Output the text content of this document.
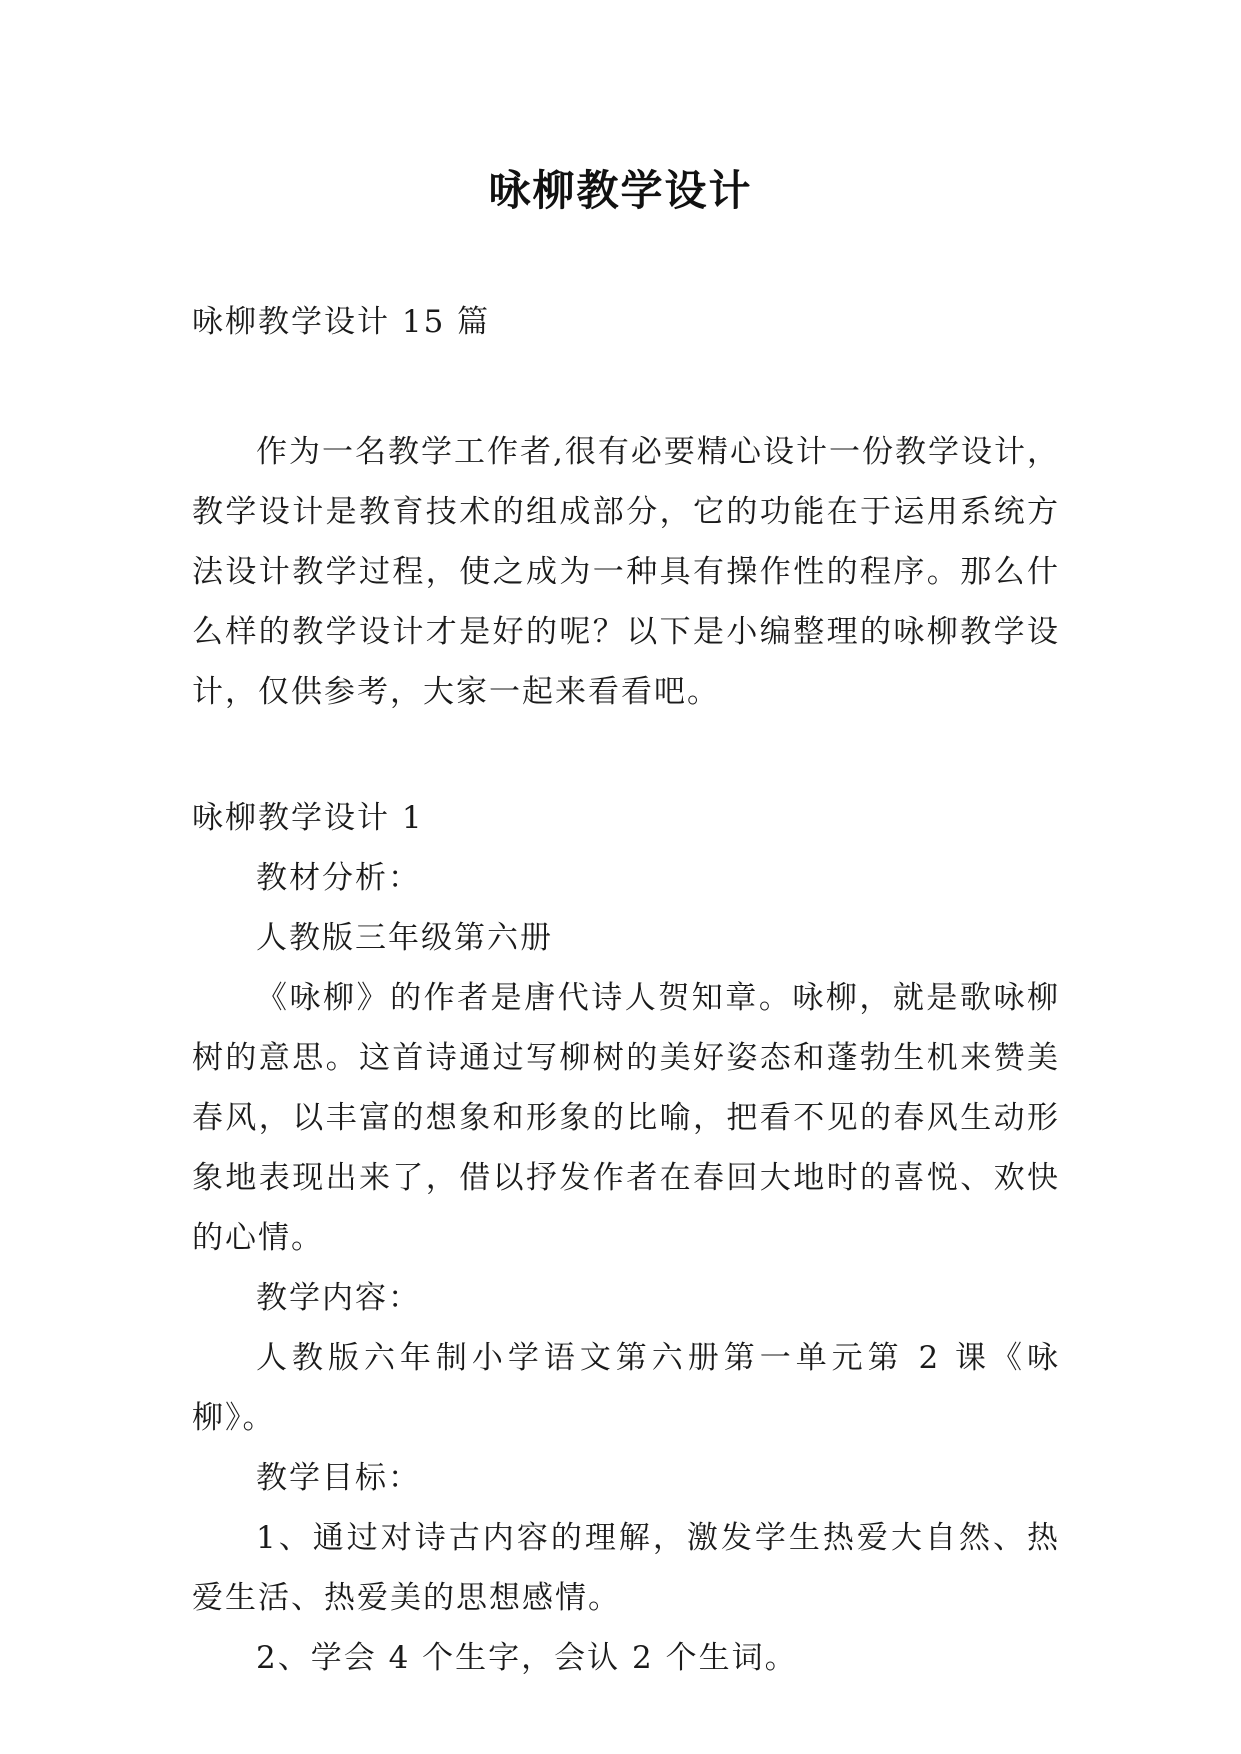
咏柳教学设计

咏柳教学设计 15 篇

作为一名教学工作者,很有必要精心设计一份教学设计，教学设计是教育技术的组成部分，它的功能在于运用系统方法设计教学过程，使之成为一种具有操作性的程序。那么什么样的教学设计才是好的呢？以下是小编整理的咏柳教学设计，仅供参考，大家一起来看看吧。

咏柳教学设计 1

教材分析：

人教版三年级第六册

《咏柳》的作者是唐代诗人贺知章。咏柳，就是歌咏柳树的意思。这首诗通过写柳树的美好姿态和蓬勃生机来赞美春风，以丰富的想象和形象的比喻，把看不见的春风生动形象地表现出来了，借以抒发作者在春回大地时的喜悦、欢快的心情。

教学内容：

人教版六年制小学语文第六册第一单元第 2 课《咏柳》。

教学目标：

1、通过对诗古内容的理解，激发学生热爱大自然、热爱生活、热爱美的思想感情。

2、学会 4 个生字，会认 2 个生词。
